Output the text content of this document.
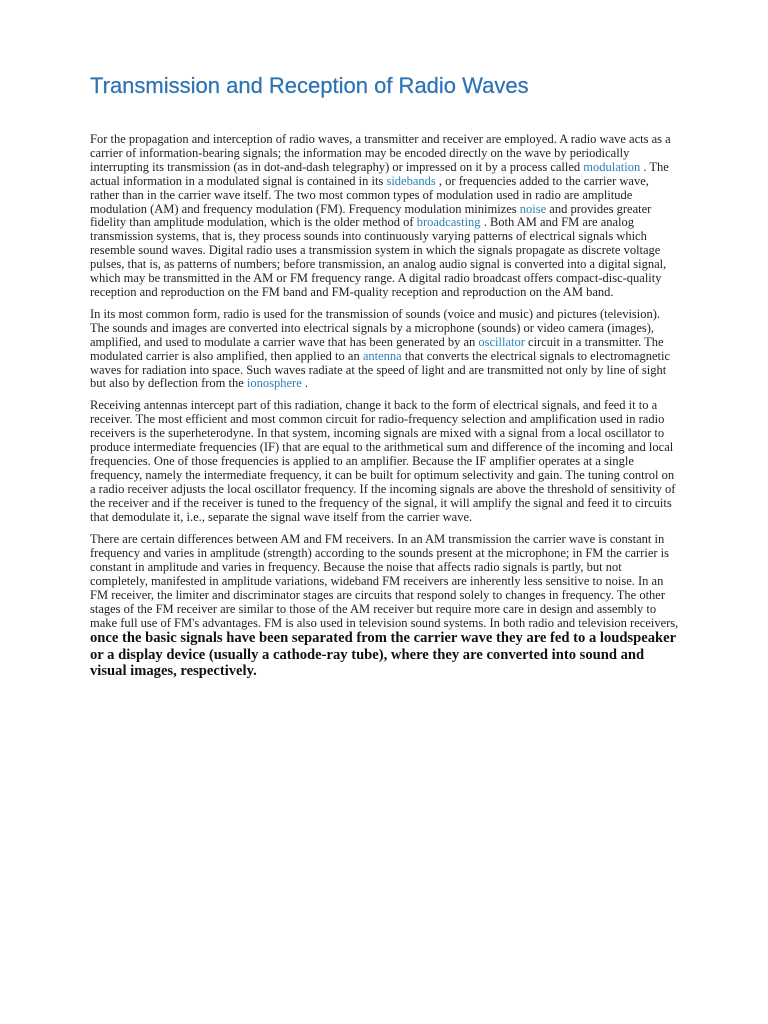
Transmission and Reception of Radio Waves

For the propagation and interception of radio waves, a transmitter and receiver are employed. A radio wave acts as a carrier of information-bearing signals; the information may be encoded directly on the wave by periodically interrupting its transmission (as in dot-and-dash telegraphy) or impressed on it by a process called modulation . The actual information in a modulated signal is contained in its sidebands , or frequencies added to the carrier wave, rather than in the carrier wave itself. The two most common types of modulation used in radio are amplitude modulation (AM) and frequency modulation (FM). Frequency modulation minimizes noise and provides greater fidelity than amplitude modulation, which is the older method of broadcasting . Both AM and FM are analog transmission systems, that is, they process sounds into continuously varying patterns of electrical signals which resemble sound waves. Digital radio uses a transmission system in which the signals propagate as discrete voltage pulses, that is, as patterns of numbers; before transmission, an analog audio signal is converted into a digital signal, which may be transmitted in the AM or FM frequency range. A digital radio broadcast offers compact-disc-quality reception and reproduction on the FM band and FM-quality reception and reproduction on the AM band.

In its most common form, radio is used for the transmission of sounds (voice and music) and pictures (television). The sounds and images are converted into electrical signals by a microphone (sounds) or video camera (images), amplified, and used to modulate a carrier wave that has been generated by an oscillator circuit in a transmitter. The modulated carrier is also amplified, then applied to an antenna that converts the electrical signals to electromagnetic waves for radiation into space. Such waves radiate at the speed of light and are transmitted not only by line of sight but also by deflection from the ionosphere .

Receiving antennas intercept part of this radiation, change it back to the form of electrical signals, and feed it to a receiver. The most efficient and most common circuit for radio-frequency selection and amplification used in radio receivers is the superheterodyne. In that system, incoming signals are mixed with a signal from a local oscillator to produce intermediate frequencies (IF) that are equal to the arithmetical sum and difference of the incoming and local frequencies. One of those frequencies is applied to an amplifier. Because the IF amplifier operates at a single frequency, namely the intermediate frequency, it can be built for optimum selectivity and gain. The tuning control on a radio receiver adjusts the local oscillator frequency. If the incoming signals are above the threshold of sensitivity of the receiver and if the receiver is tuned to the frequency of the signal, it will amplify the signal and feed it to circuits that demodulate it, i.e., separate the signal wave itself from the carrier wave.

There are certain differences between AM and FM receivers. In an AM transmission the carrier wave is constant in frequency and varies in amplitude (strength) according to the sounds present at the microphone; in FM the carrier is constant in amplitude and varies in frequency. Because the noise that affects radio signals is partly, but not completely, manifested in amplitude variations, wideband FM receivers are inherently less sensitive to noise. In an FM receiver, the limiter and discriminator stages are circuits that respond solely to changes in frequency. The other stages of the FM receiver are similar to those of the AM receiver but require more care in design and assembly to make full use of FM's advantages. FM is also used in television sound systems. In both radio and television receivers, once the basic signals have been separated from the carrier wave they are fed to a loudspeaker or a display device (usually a cathode-ray tube), where they are converted into sound and visual images, respectively.
